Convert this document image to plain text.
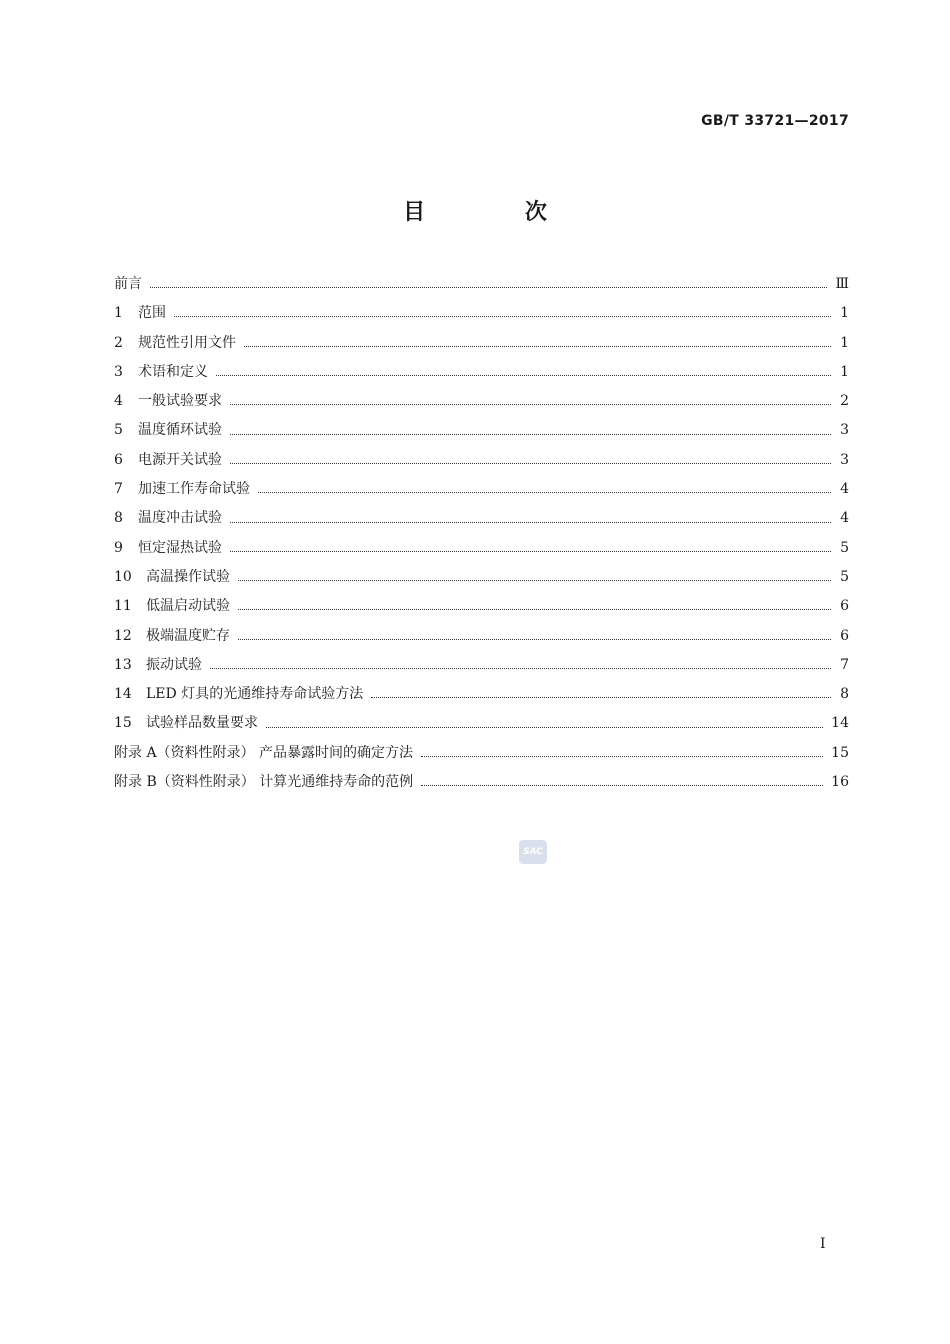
GB/T 33721—2017
目 次
前言	Ⅲ
1	范围	1
2	规范性引用文件	1
3	术语和定义	1
4	一般试验要求	2
5	温度循环试验	3
6	电源开关试验	3
7	加速工作寿命试验	4
8	温度冲击试验	4
9	恒定湿热试验	5
10	高温操作试验	5
11	低温启动试验	6
12	极端温度贮存	6
13	振动试验	7
14	LED 灯具的光通维持寿命试验方法	8
15	试验样品数量要求	14
附录 A（资料性附录） 产品暴露时间的确定方法	15
附录 B（资料性附录） 计算光通维持寿命的范例	16
SAC
Ⅰ
